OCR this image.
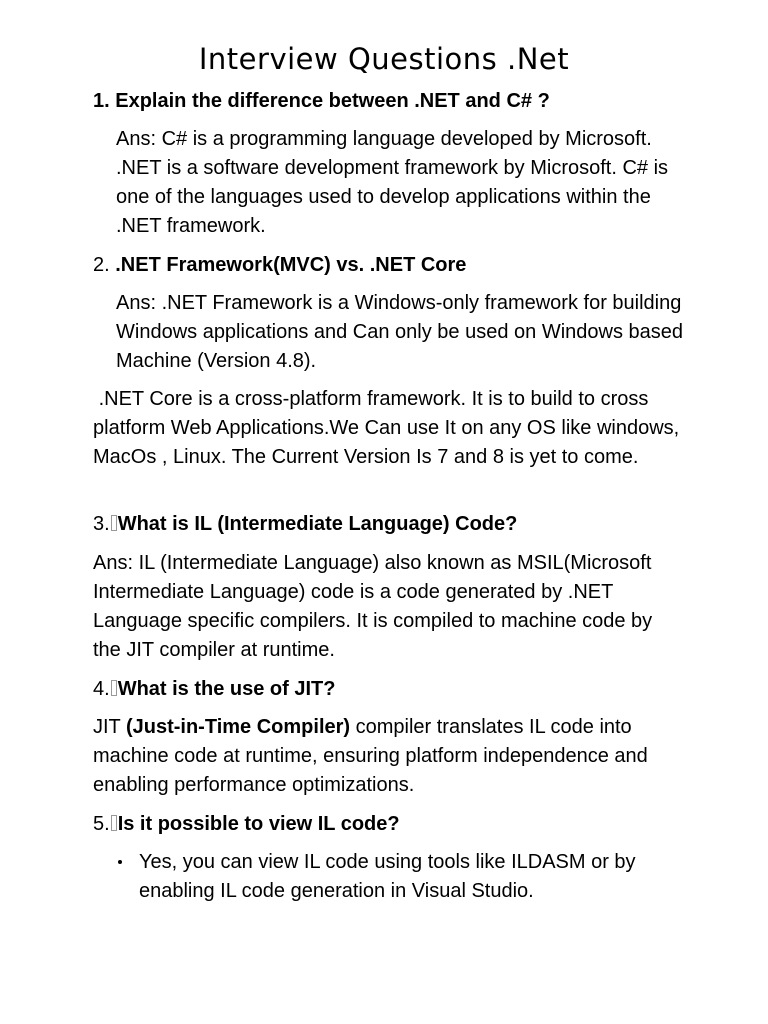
Interview Questions .Net

1. Explain the difference between .NET and C# ?

Ans: C# is a programming language developed by Microsoft. .NET is a software development framework by Microsoft. C# is one of the languages used to develop applications within the .NET framework.

2. .NET Framework(MVC) vs. .NET Core

Ans: .NET Framework is a Windows-only framework for building Windows applications and Can only be used on Windows based Machine (Version 4.8).

.NET Core is a cross-platform framework. It is to build to cross platform Web Applications.We Can use It on any OS like windows, MacOs , Linux. The Current Version Is 7 and 8 is yet to come.

3. What is IL (Intermediate Language) Code?

Ans: IL (Intermediate Language) also known as MSIL(Microsoft Intermediate Language) code is a code generated by .NET Language specific compilers. It is compiled to machine code by the JIT compiler at runtime.

4. What is the use of JIT?

JIT (Just-in-Time Compiler) compiler translates IL code into machine code at runtime, ensuring platform independence and enabling performance optimizations.

5. Is it possible to view IL code?

Yes, you can view IL code using tools like ILDASM or by enabling IL code generation in Visual Studio.
